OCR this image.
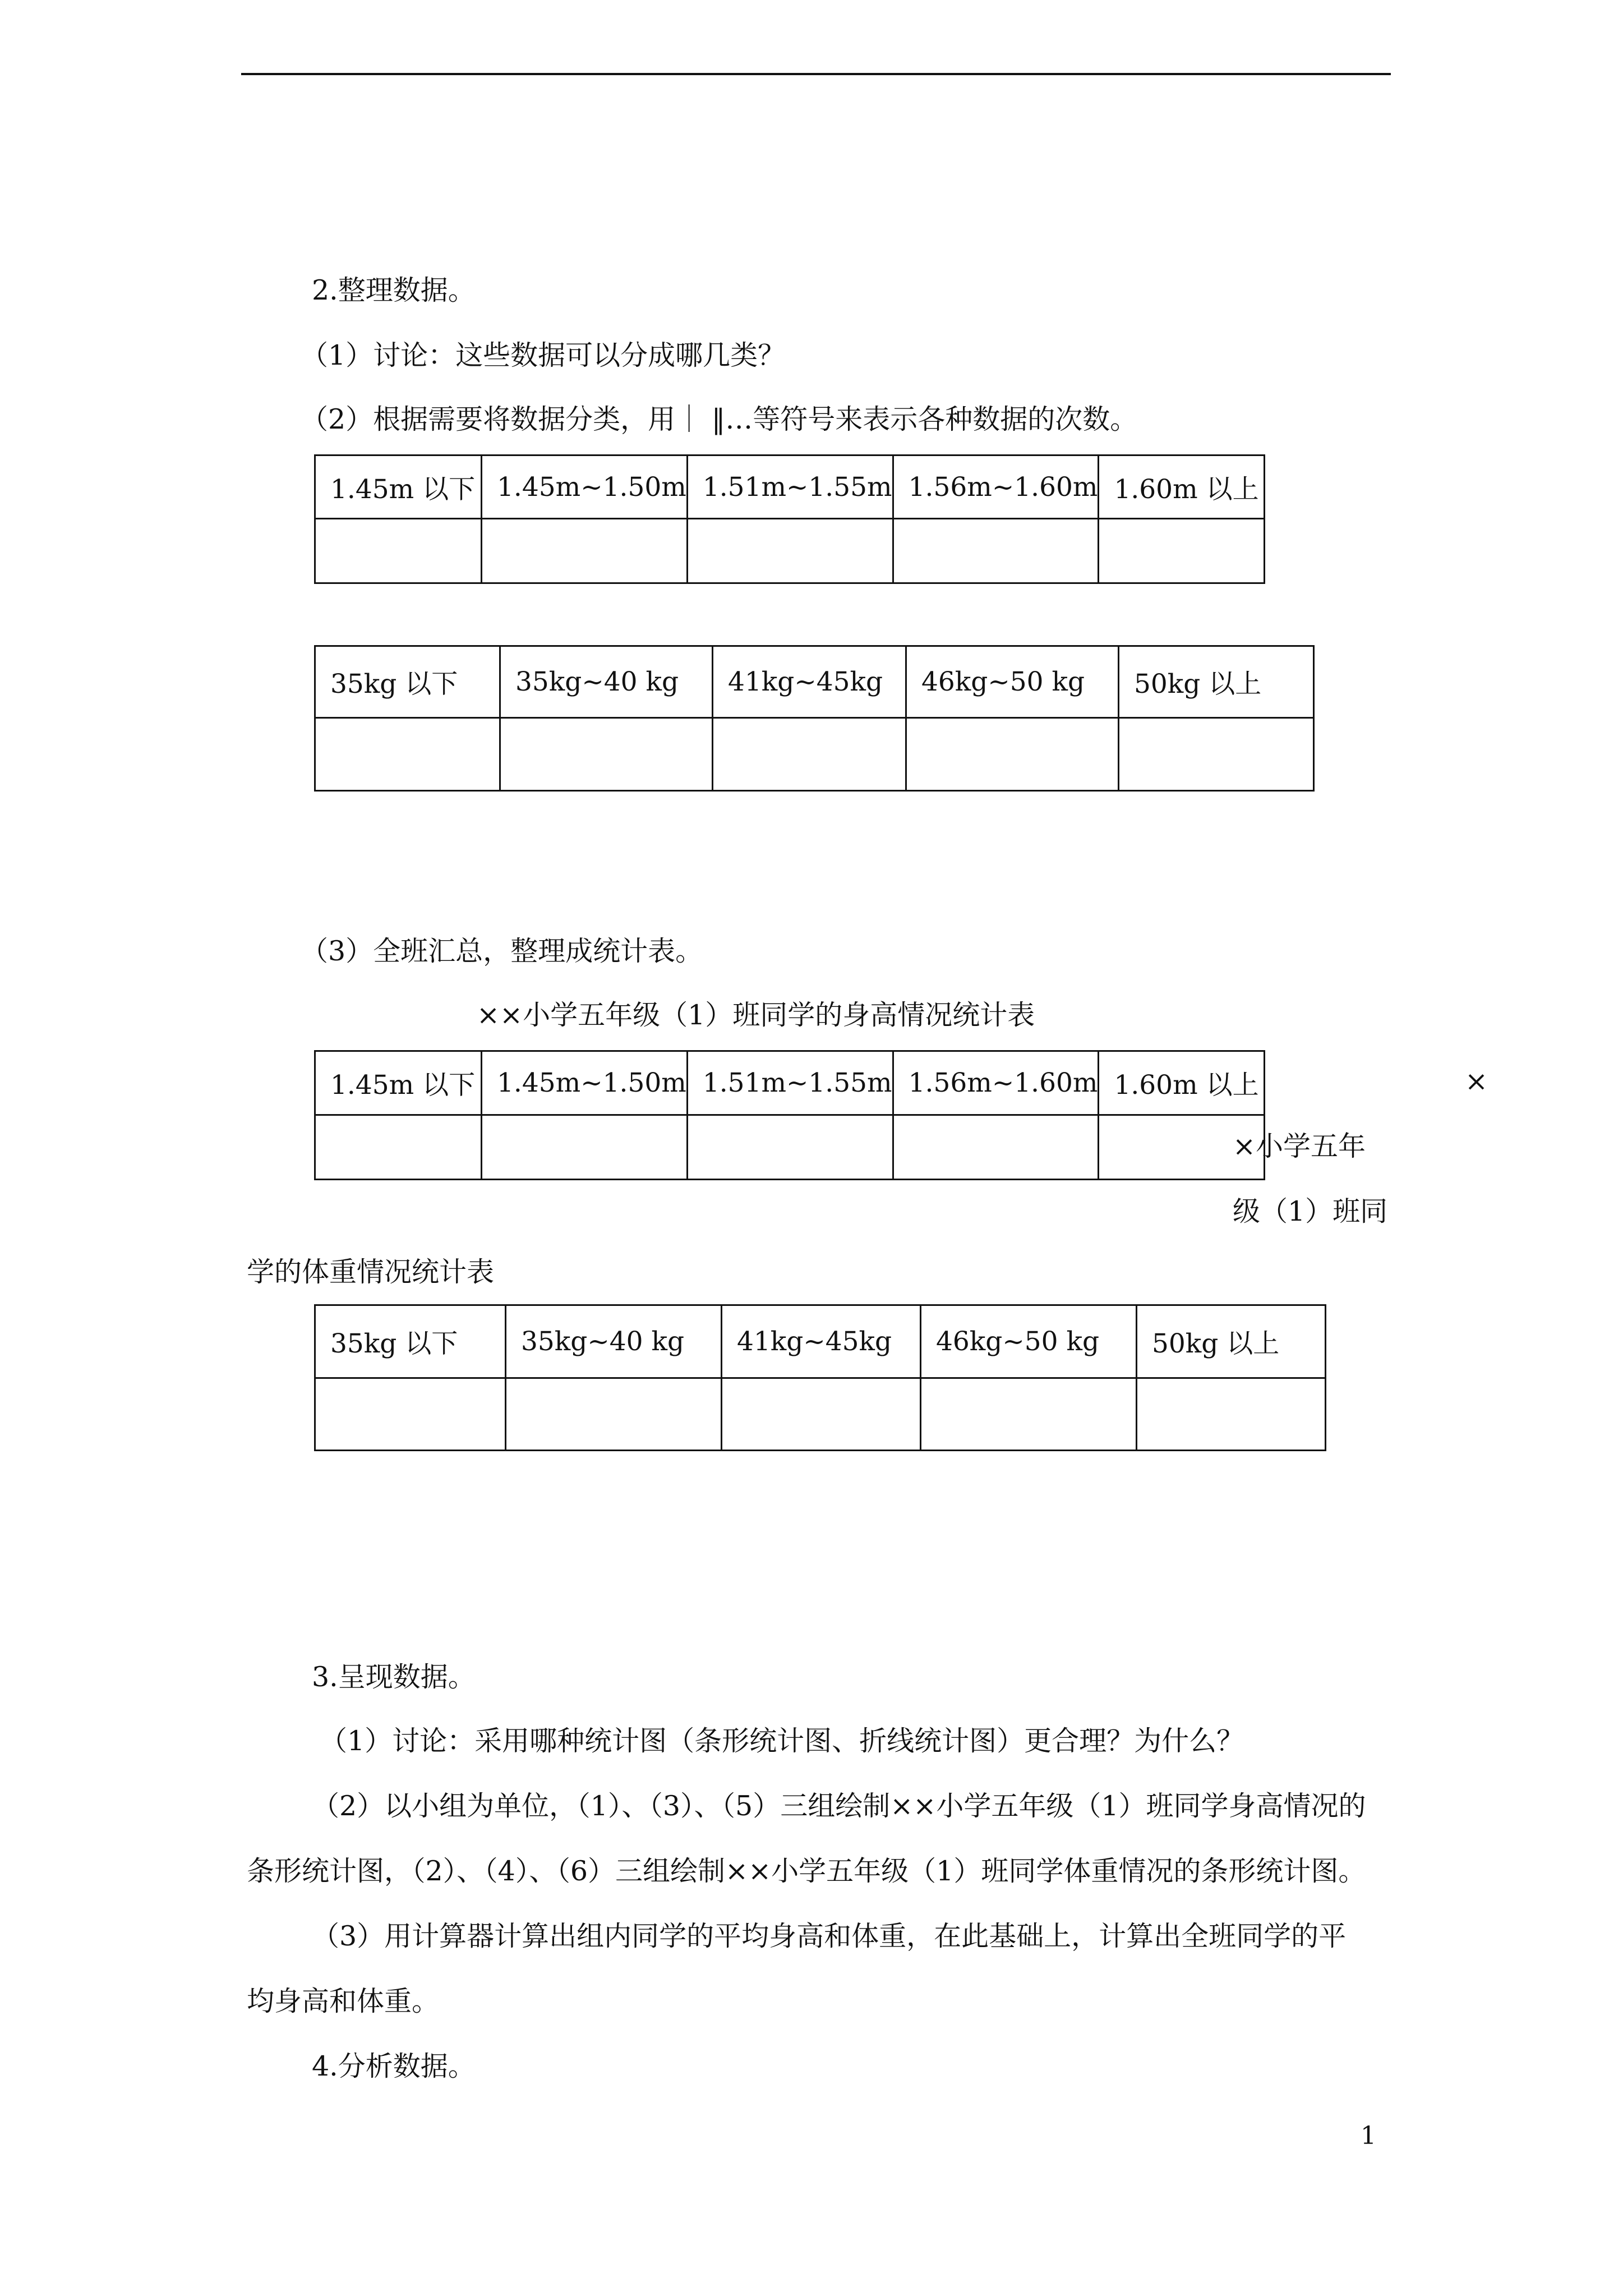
2.整理数据。
（1）讨论：这些数据可以分成哪几类？
（2）根据需要将数据分类，用｜ ‖…等符号来表示各种数据的次数。
1.45m 以下	1.45m~1.50m	1.51m~1.55m	1.56m~1.60m	1.60m 以上

35kg 以下	35kg~40 kg	41kg~45kg	46kg~50 kg	50kg 以上

（3）全班汇总，整理成统计表。
××小学五年级（1）班同学的身高情况统计表
1.45m 以下	1.45m~1.50m	1.51m~1.55m	1.56m~1.60m	1.60m 以上
					×
×小学五年
级（1）班同
学的体重情况统计表
35kg 以下	35kg~40 kg	41kg~45kg	46kg~50 kg	50kg 以上

3.呈现数据。
（1）讨论：采用哪种统计图（条形统计图、折线统计图）更合理？为什么？
（2）以小组为单位，（1）、（3）、（5）三组绘制××小学五年级（1）班同学身高情况的
条形统计图，（2）、（4）、（6）三组绘制××小学五年级（1）班同学体重情况的条形统计图。
（3）用计算器计算出组内同学的平均身高和体重，在此基础上，计算出全班同学的平
均身高和体重。
4.分析数据。
1
